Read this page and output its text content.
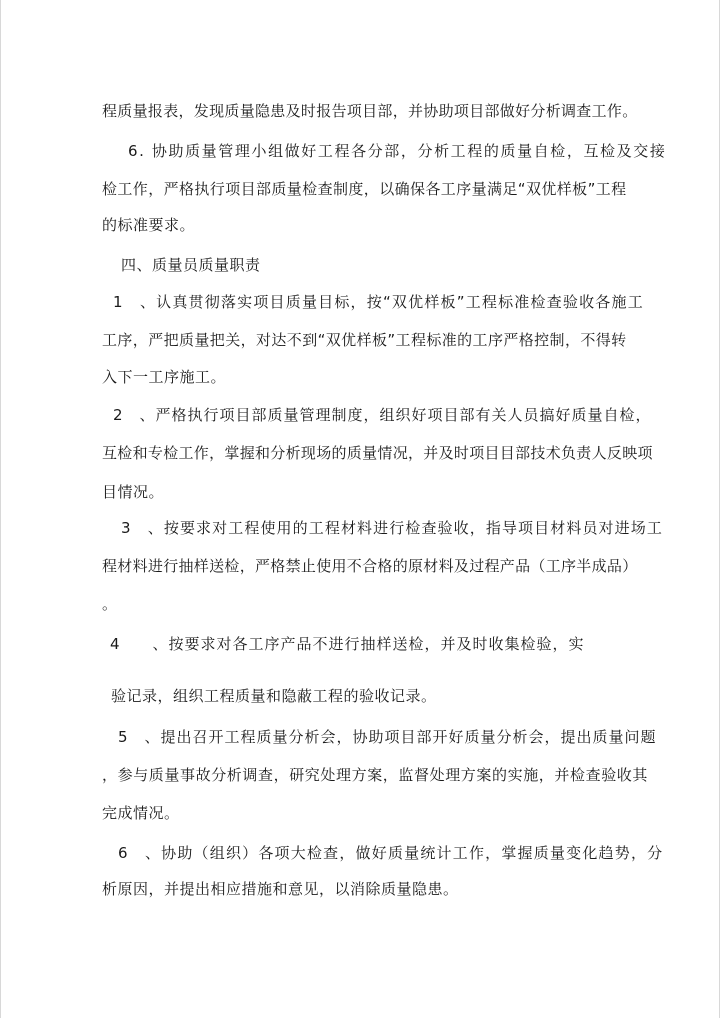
程质量报表，发现质量隐患及时报告项目部，并协助项目部做好分析调查工作。
6. 协助质量管理小组做好工程各分部，分析工程的质量自检，互检及交接
检工作，严格执行项目部质量检查制度，以确保各工序量满足“双优样板”工程
的标准要求。
四、质量员质量职责
1　、认真贯彻落实项目质量目标，按“双优样板”工程标准检查验收各施工
工序，严把质量把关，对达不到“双优样板”工程标准的工序严格控制，不得转
入下一工序施工。
2　、严格执行项目部质量管理制度，组织好项目部有关人员搞好质量自检，
互检和专检工作，掌握和分析现场的质量情况，并及时项目目部技术负责人反映项
目情况。
3　、按要求对工程使用的工程材料进行检查验收，指导项目材料员对进场工
程材料进行抽样送检，严格禁止使用不合格的原材料及过程产品（工序半成品）
。
4　　、按要求对各工序产品不进行抽样送检，并及时收集检验，实
验记录，组织工程质量和隐蔽工程的验收记录。
5　、提出召开工程质量分析会，协助项目部开好质量分析会，提出质量问题
，参与质量事故分析调查，研究处理方案，监督处理方案的实施，并检查验收其
完成情况。
6　、协助（组织）各项大检查，做好质量统计工作，掌握质量变化趋势，分
析原因，并提出相应措施和意见，以消除质量隐患。
